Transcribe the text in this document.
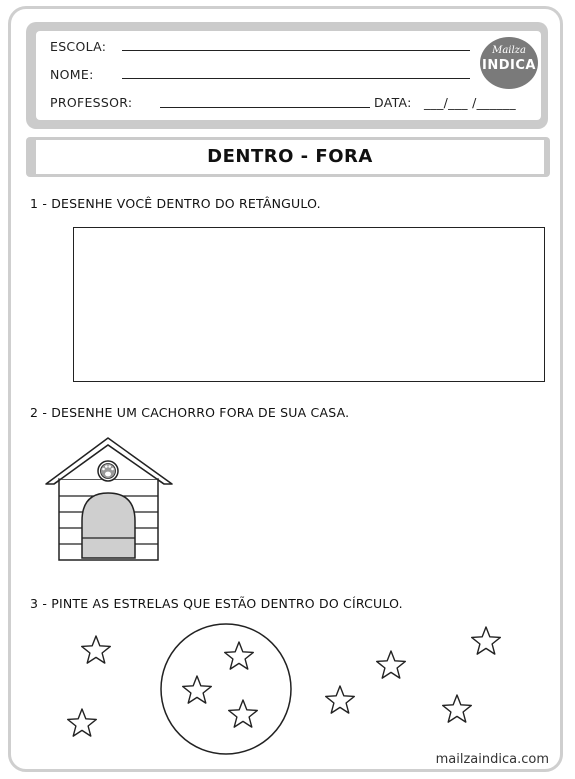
ESCOLA:
NOME:
PROFESSOR:	DATA: ___/___ /______
Mailza
INDICA
DENTRO - FORA
1 - DESENHE VOCÊ DENTRO DO RETÂNGULO.
2 - DESENHE UM CACHORRO FORA DE SUA CASA.
3 - PINTE AS ESTRELAS QUE ESTÃO DENTRO DO CÍRCULO.
mailzaindica.com
